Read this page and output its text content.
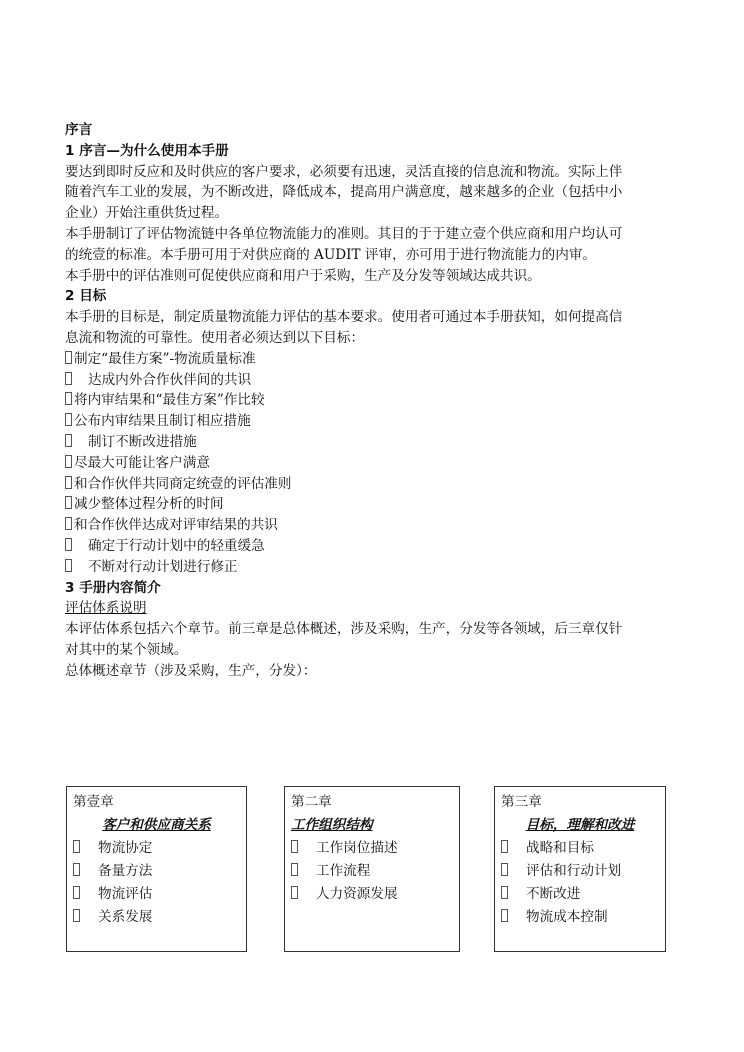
序言
1 序言—为什么使用本手册
要达到即时反应和及时供应的客户要求，必须要有迅速，灵活直接的信息流和物流。实际上伴
随着汽车工业的发展，为不断改进，降低成本，提高用户满意度，越来越多的企业（包括中小
企业）开始注重供货过程。
本手册制订了评估物流链中各单位物流能力的准则。其目的于于建立壹个供应商和用户均认可
的统壹的标准。本手册可用于对供应商的 AUDIT 评审，亦可用于进行物流能力的内审。
本手册中的评估准则可促使供应商和用户于采购，生产及分发等领域达成共识。
2 目标
本手册的目标是，制定质量物流能力评估的基本要求。使用者可通过本手册获知，如何提高信
息流和物流的可靠性。使用者必须达到以下目标：
制定“最佳方案”-物流质量标准
达成内外合作伙伴间的共识
将内审结果和“最佳方案”作比较
公布内审结果且制订相应措施
制订不断改进措施
尽最大可能让客户满意
和合作伙伴共同商定统壹的评估准则
减少整体过程分析的时间
和合作伙伴达成对评审结果的共识
确定于行动计划中的轻重缓急
不断对行动计划进行修正
3 手册内容简介
评估体系说明
本评估体系包括六个章节。前三章是总体概述，涉及采购，生产，分发等各领域，后三章仅针
对其中的某个领域。
总体概述章节（涉及采购，生产，分发）：
第壹章
客户和供应商关系
物流协定
备量方法
物流评估
关系发展
第二章
工作组织结构
工作岗位描述
工作流程
人力资源发展
第三章
目标，理解和改进
战略和目标
评估和行动计划
不断改进
物流成本控制
